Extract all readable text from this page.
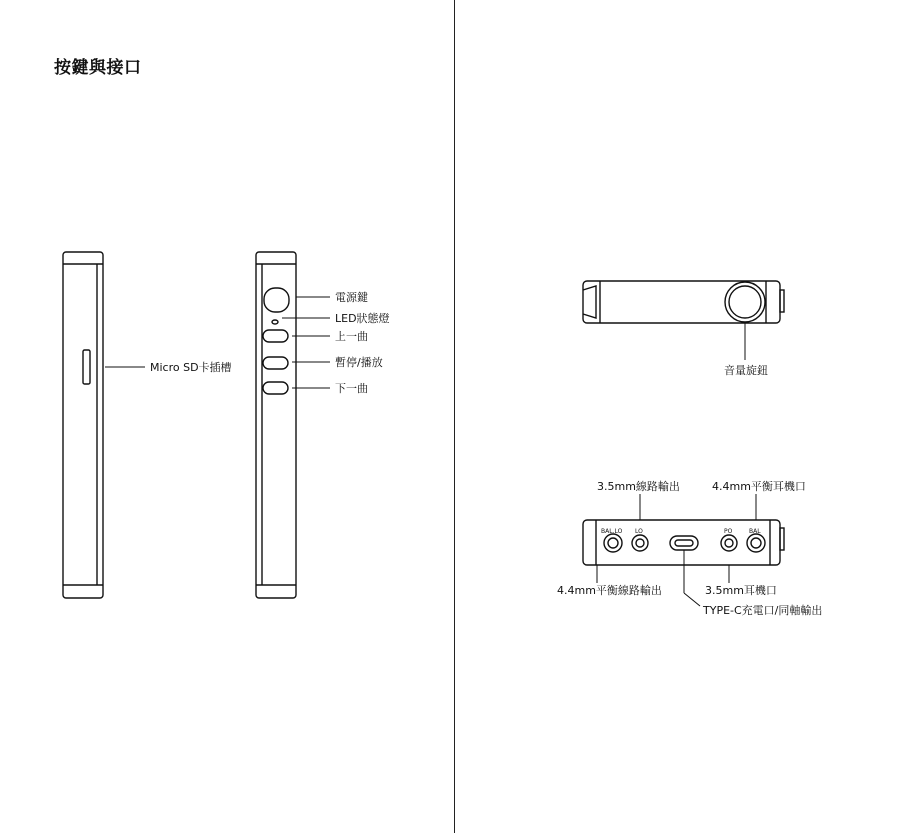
按鍵與接口
BAL.LO LO	PO	BAL
Micro SD卡插槽
電源鍵
LED狀態燈
上一曲
暫停/播放
下一曲
音量旋鈕
3.5mm線路輸出	4.4mm平衡耳機口
4.4mm平衡線路輸出	3.5mm耳機口
TYPE-C充電口/同軸輸出
